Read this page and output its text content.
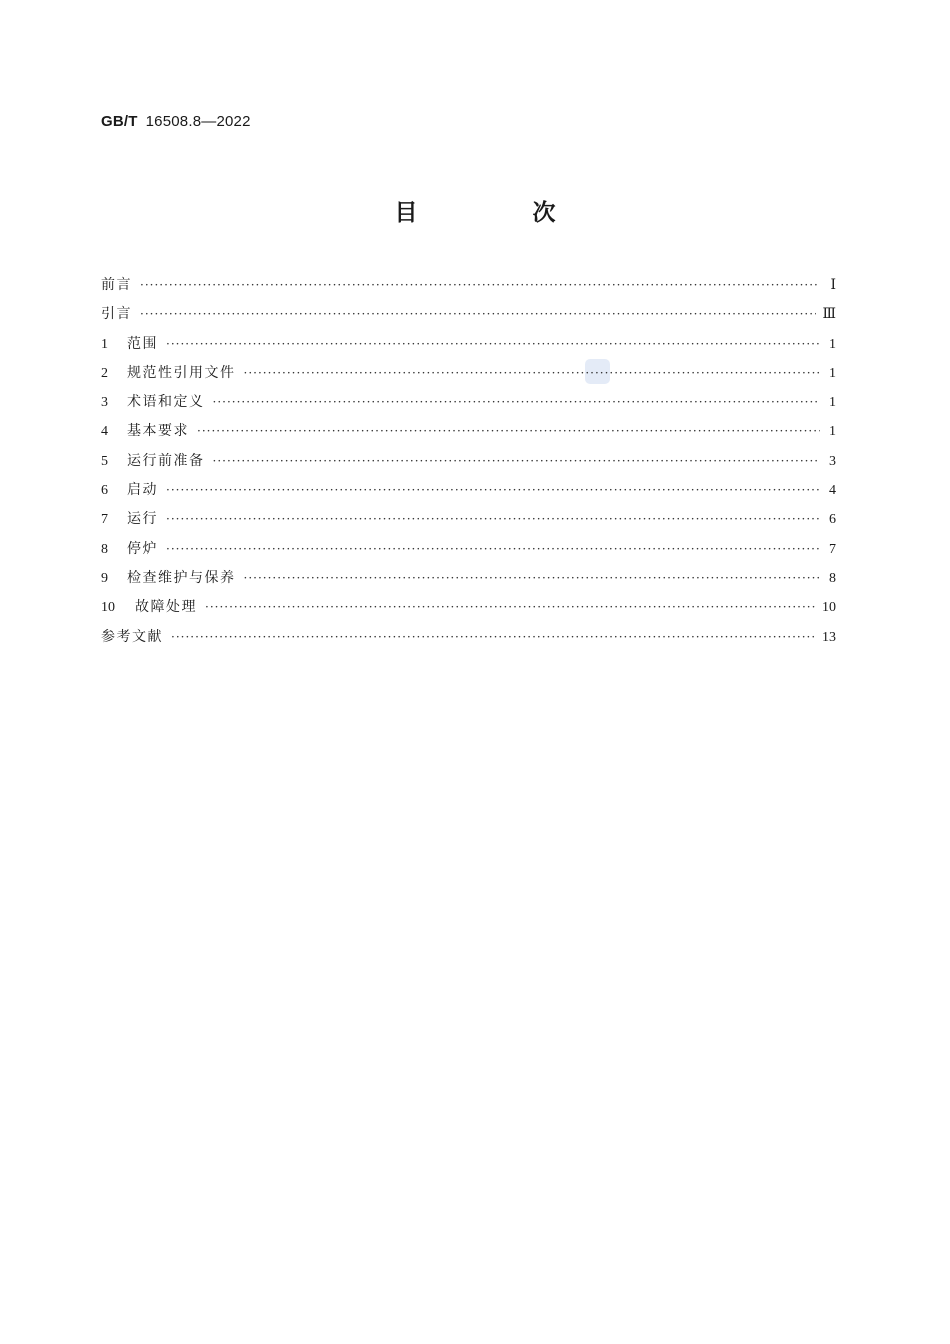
GB/T 16508.8—2022
目　次
前言 ·····	Ⅰ
引言 ·····	Ⅲ
1	范围 ·····	1
2	规范性引用文件 ·····	1
3	术语和定义 ·····	1
4	基本要求 ·····	1
5	运行前准备 ·····	3
6	启动 ·····	4
7	运行 ·····	6
8	停炉 ·····	7
9	检查维护与保养 ·····	8
10	故障处理 ·····	10
参考文献 ·····	13
